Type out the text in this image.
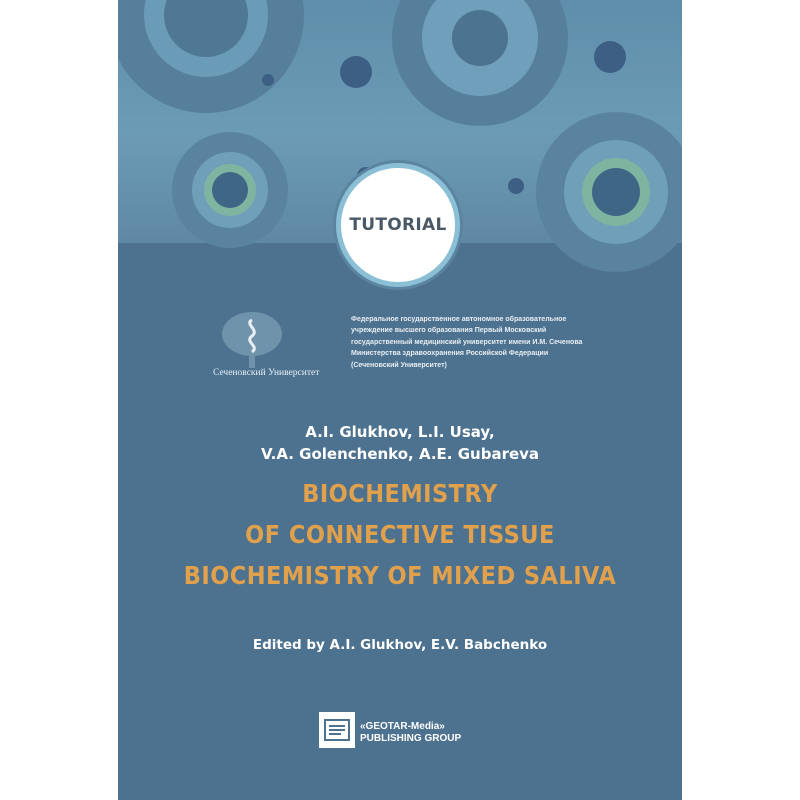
TUTORIAL
Сеченовский Университет
Федеральное государственное автономное образовательное
учреждение высшего образования Первый Московский
государственный медицинский университет имени И.М. Сеченова
Министерства здравоохранения Российской Федерации
(Сеченовский Университет)
A.I. Glukhov, L.I. Usay,
V.A. Golenchenko, A.E. Gubareva
BIOCHEMISTRY
OF CONNECTIVE TISSUE
BIOCHEMISTRY OF MIXED SALIVA
Edited by A.I. Glukhov, E.V. Babchenko
«GEOTAR-Media»
PUBLISHING GROUP
